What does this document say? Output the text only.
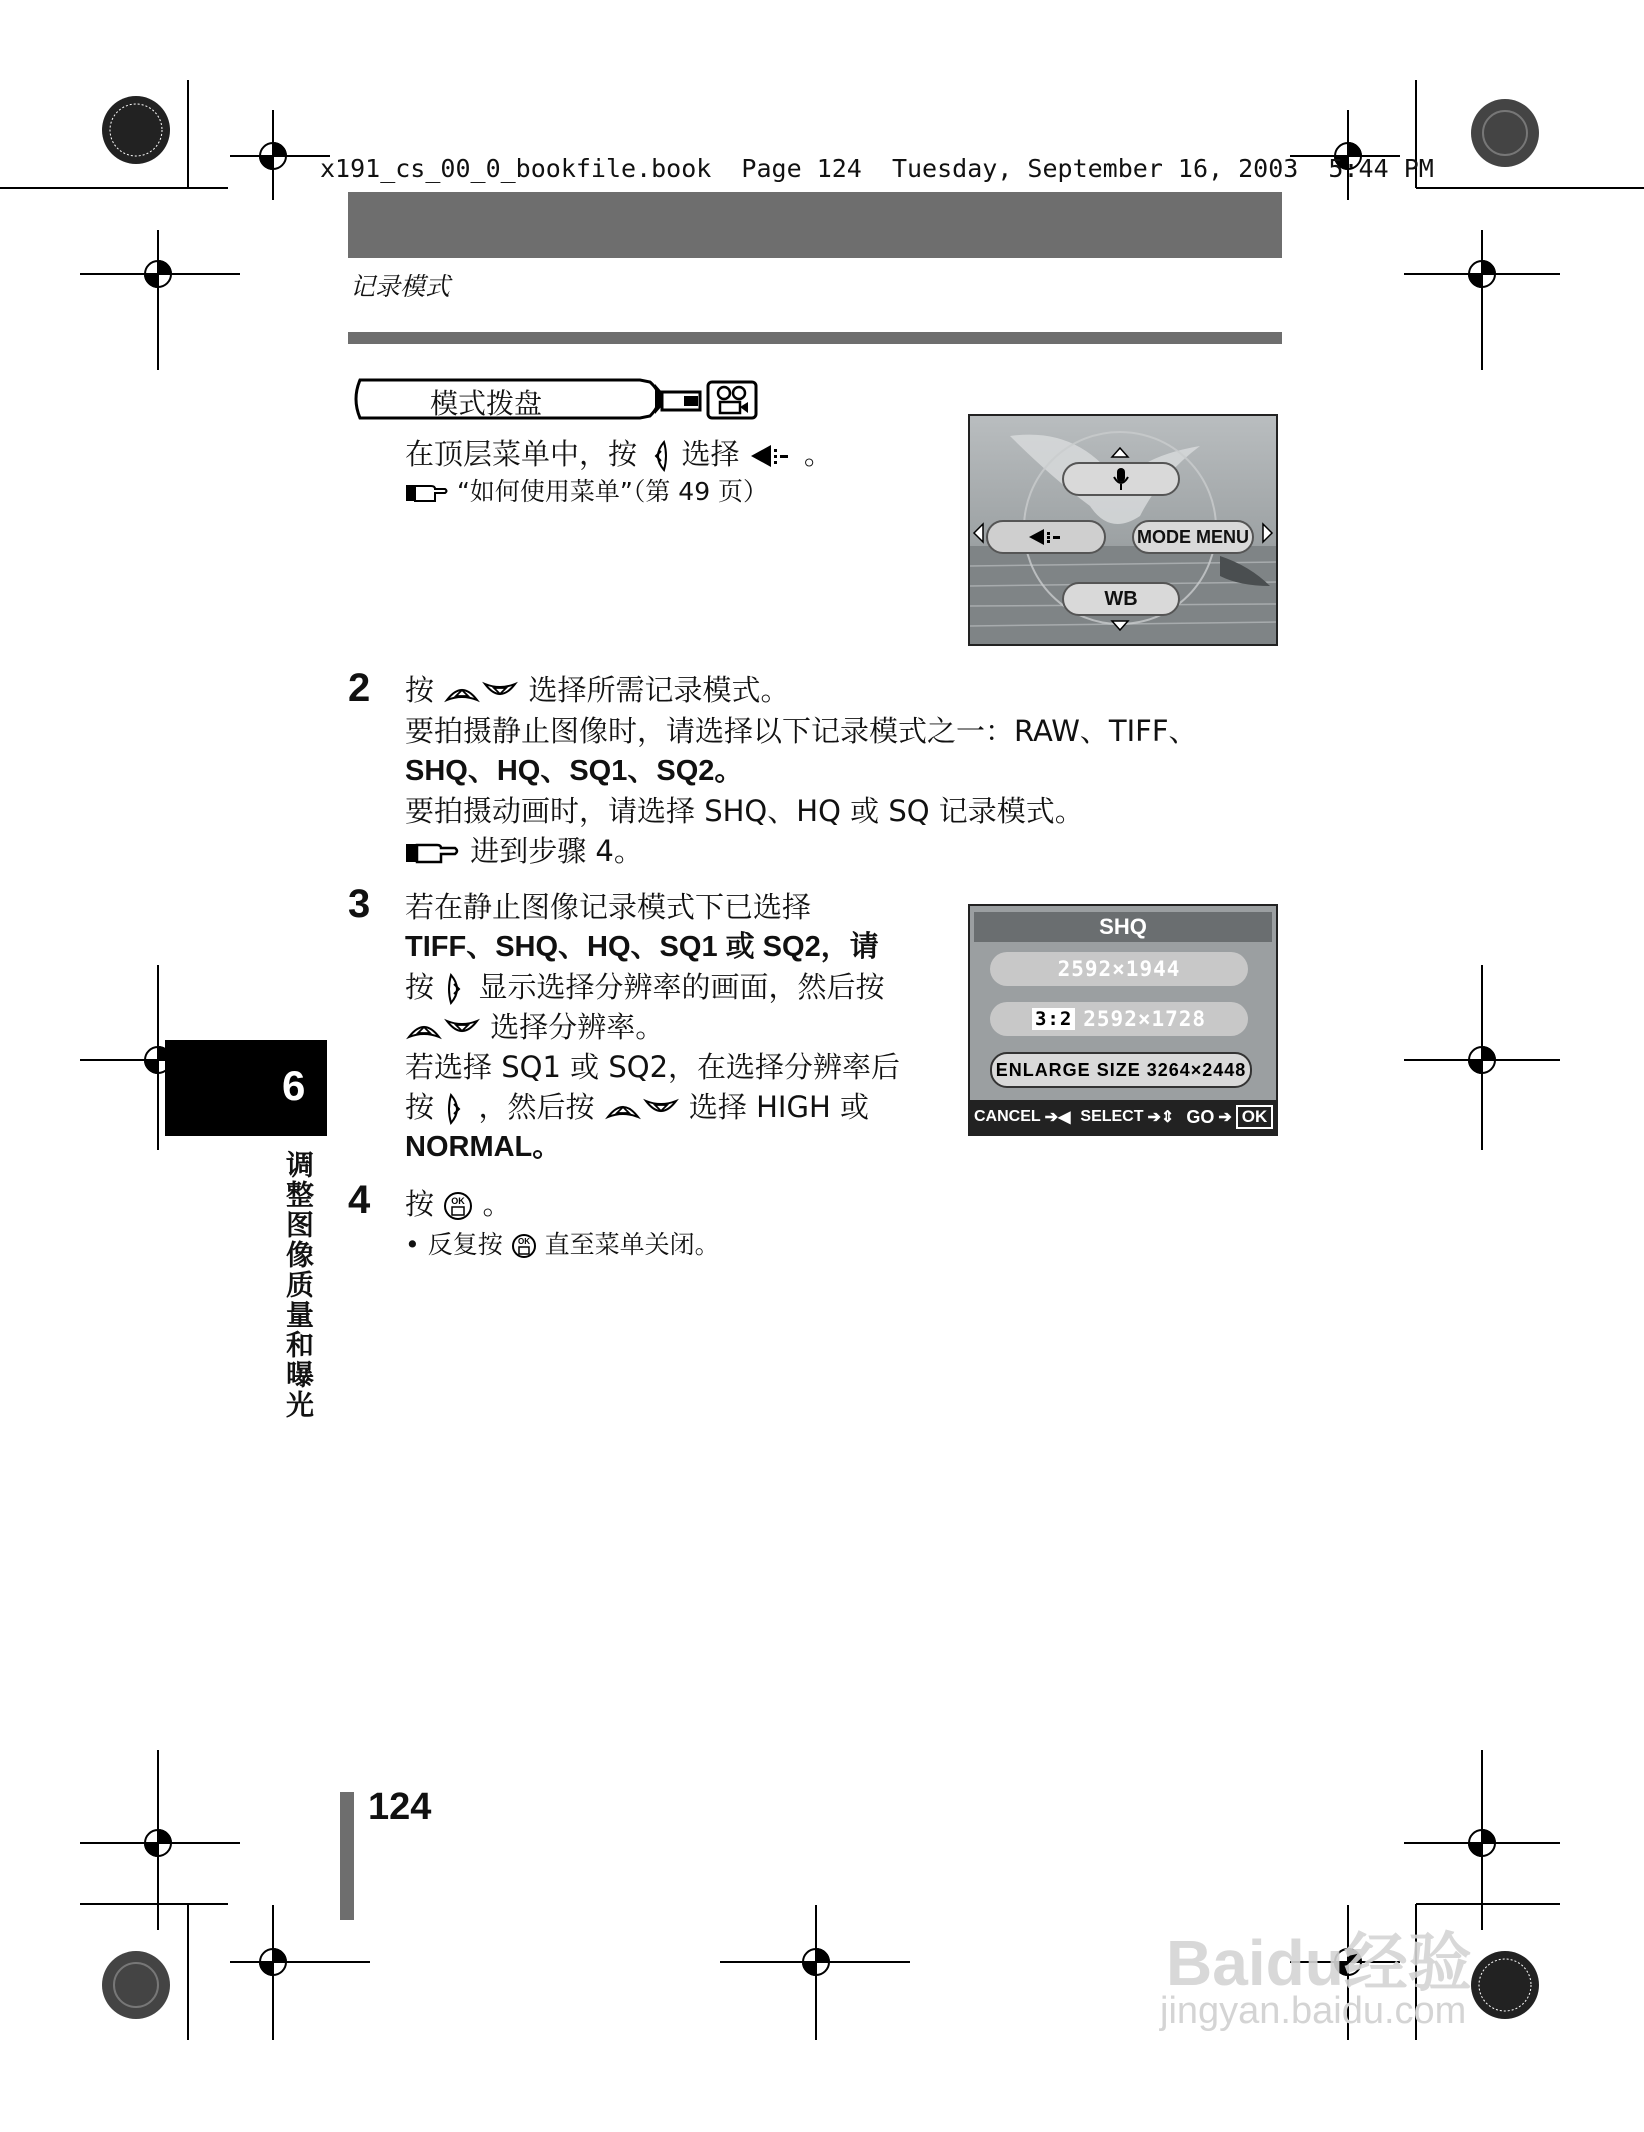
x191_cs_00_0_bookfile.book  Page 124  Tuesday, September 16, 2003  5:44 PM
记录模式
模式拨盘
在顶层菜单中，按 选择 。
“如何使用菜单”（第 49 页）
MODE MENU
WB
2 按	选择所需记录模式。
要拍摄静止图像时，请选择以下记录模式之一：RAW、TIFF、
SHQ、HQ、SQ1、SQ2。
要拍摄动画时，请选择 SHQ、HQ 或 SQ 记录模式。
进到步骤 4。
3 若在静止图像记录模式下已选择
TIFF、SHQ、HQ、SQ1 或 SQ2，请
按 显示选择分辨率的画面，然后按
选择分辨率。
若选择 SQ1 或 SQ2，在选择分辨率后
按 ，然后按	选择 HIGH 或
NORMAL。
SHQ
2592×1944
3:2 2592×1728
ENLARGE SIZE 3264×2448
CANCEL ➔◀ SELECT ➔⇕ GO ➔ OK
4 按 OK 。
• 反复按 OK 直至菜单关闭。
6
调整图像质量和曝光
124
Baidu经验
jingyan.baidu.com
